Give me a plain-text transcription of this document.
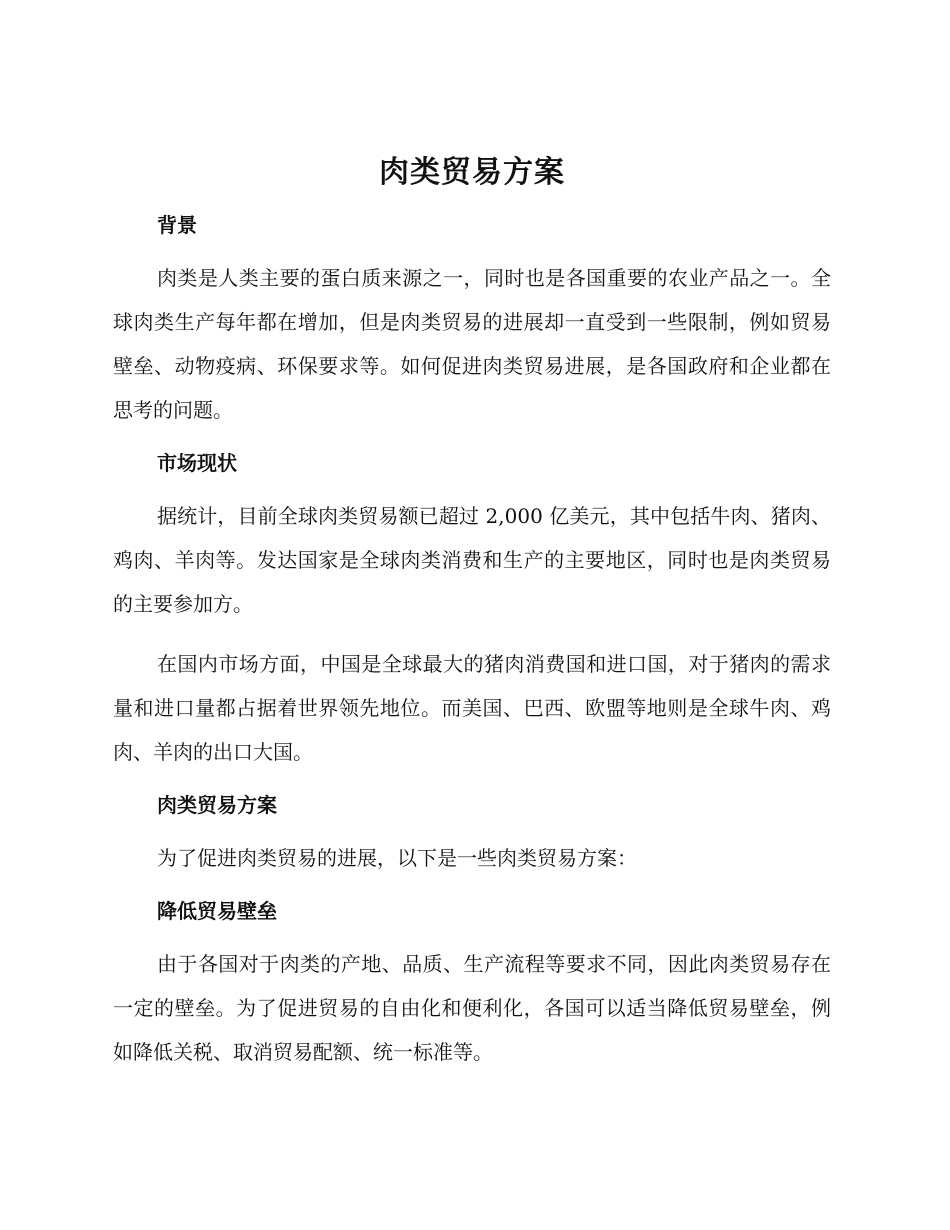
肉类贸易方案
背景

肉类是人类主要的蛋白质来源之一，同时也是各国重要的农业产品之一。全球肉类生产每年都在增加，但是肉类贸易的进展却一直受到一些限制，例如贸易壁垒、动物疫病、环保要求等。如何促进肉类贸易进展，是各国政府和企业都在思考的问题。

市场现状

据统计，目前全球肉类贸易额已超过 2,000 亿美元，其中包括牛肉、猪肉、鸡肉、羊肉等。发达国家是全球肉类消费和生产的主要地区，同时也是肉类贸易的主要参加方。

在国内市场方面，中国是全球最大的猪肉消费国和进口国，对于猪肉的需求量和进口量都占据着世界领先地位。而美国、巴西、欧盟等地则是全球牛肉、鸡肉、羊肉的出口大国。

肉类贸易方案

为了促进肉类贸易的进展，以下是一些肉类贸易方案：

降低贸易壁垒

由于各国对于肉类的产地、品质、生产流程等要求不同，因此肉类贸易存在一定的壁垒。为了促进贸易的自由化和便利化，各国可以适当降低贸易壁垒，例如降低关税、取消贸易配额、统一标准等。
